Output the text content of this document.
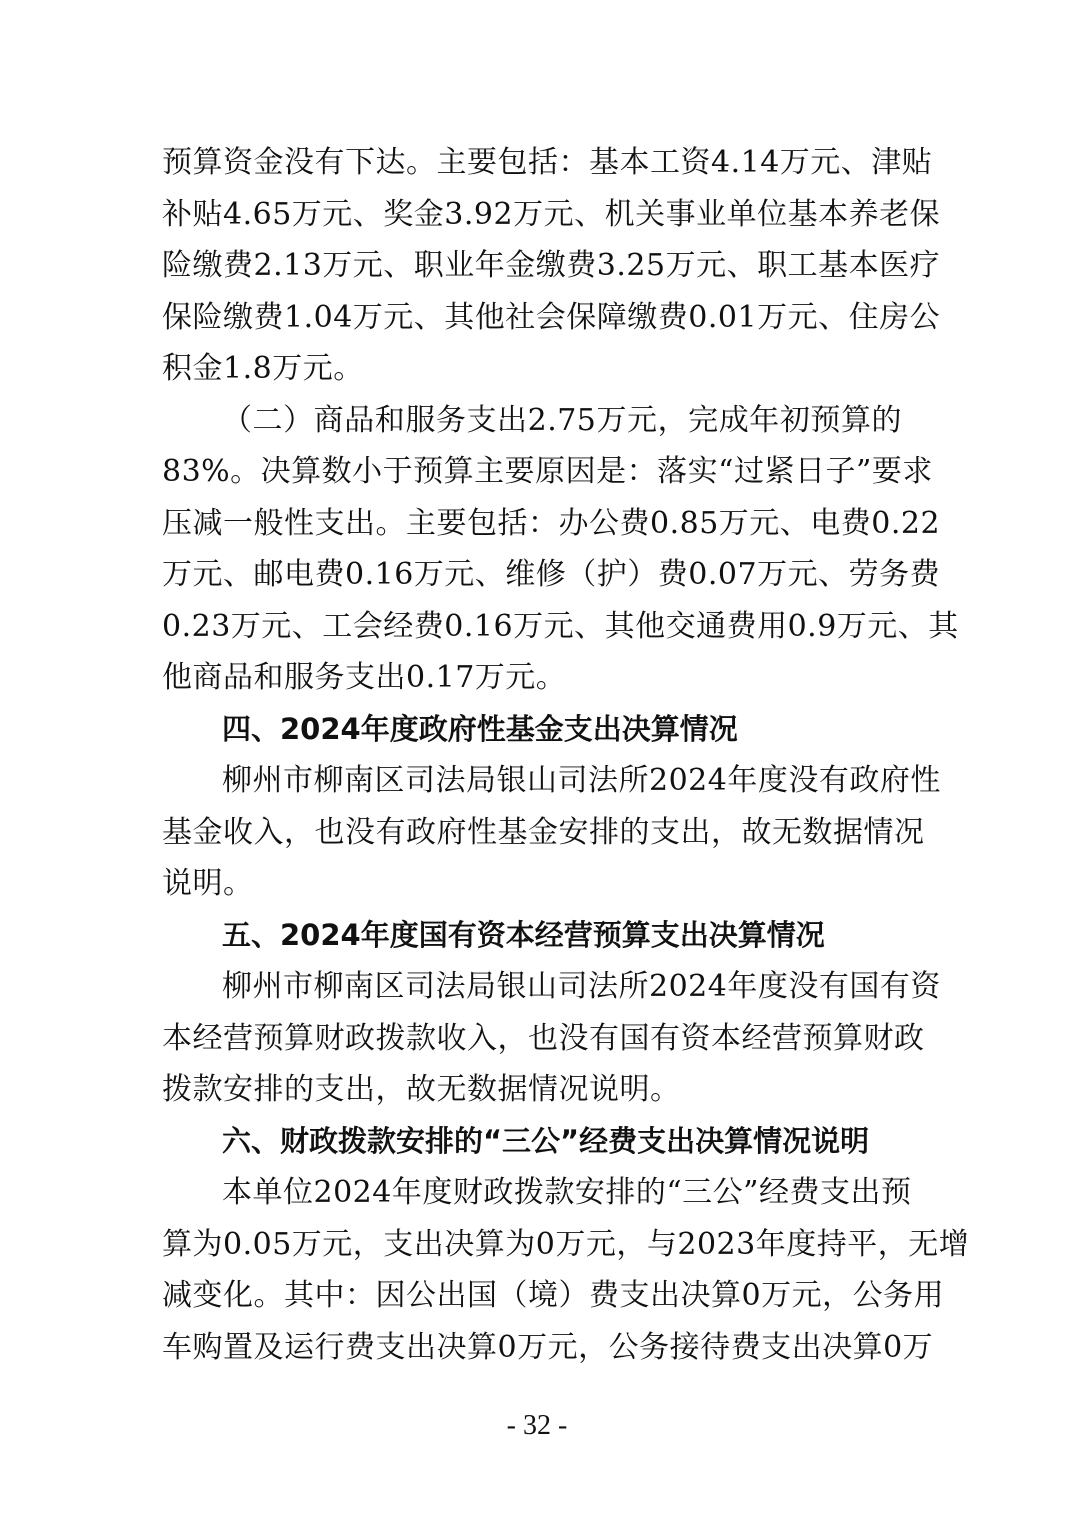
预算资金没有下达。主要包括：基本工资4.14万元、津贴
补贴4.65万元、奖金3.92万元、机关事业单位基本养老保
险缴费2.13万元、职业年金缴费3.25万元、职工基本医疗
保险缴费1.04万元、其他社会保障缴费0.01万元、住房公
积金1.8万元。
（二）商品和服务支出2.75万元，完成年初预算的
83%。决算数小于预算主要原因是：落实“过紧日子”要求
压减一般性支出。主要包括：办公费0.85万元、电费0.22
万元、邮电费0.16万元、维修（护）费0.07万元、劳务费
0.23万元、工会经费0.16万元、其他交通费用0.9万元、其
他商品和服务支出0.17万元。
四、2024年度政府性基金支出决算情况
柳州市柳南区司法局银山司法所2024年度没有政府性
基金收入，也没有政府性基金安排的支出，故无数据情况
说明。
五、2024年度国有资本经营预算支出决算情况
柳州市柳南区司法局银山司法所2024年度没有国有资
本经营预算财政拨款收入，也没有国有资本经营预算财政
拨款安排的支出，故无数据情况说明。
六、财政拨款安排的“三公”经费支出决算情况说明
本单位2024年度财政拨款安排的“三公”经费支出预
算为0.05万元，支出决算为0万元，与2023年度持平，无增
减变化。其中：因公出国（境）费支出决算0万元，公务用
车购置及运行费支出决算0万元，公务接待费支出决算0万
- 32 -
